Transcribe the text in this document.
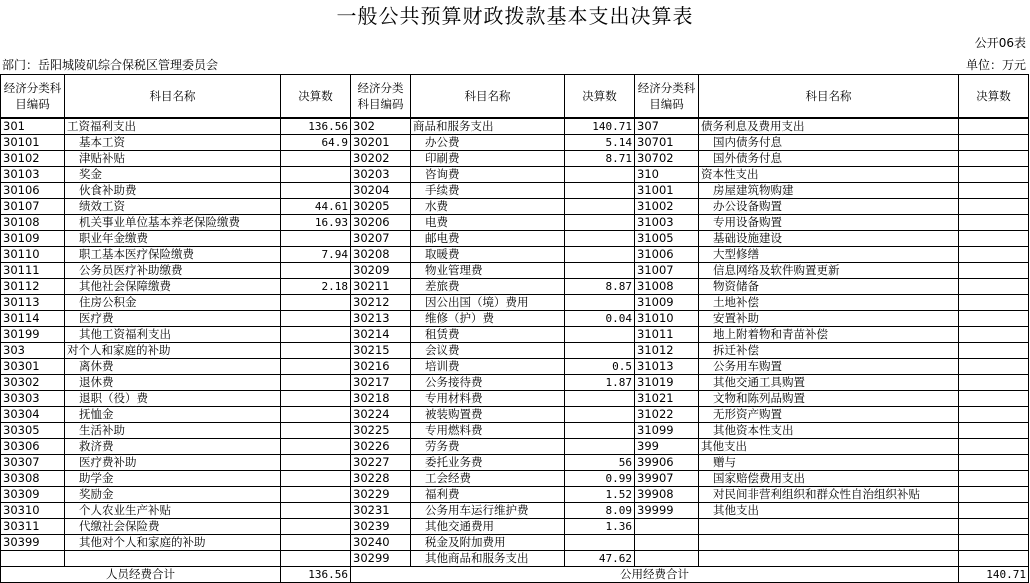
一般公共预算财政拨款基本支出决算表
公开06表
部门：岳阳城陵矶综合保税区管理委员会	单位：万元
经济分类科目编码	科目名称	决算数	经济分类科目编码	科目名称	决算数	经济分类科目编码	科目名称	决算数
301	工资福利支出	136.56	302	商品和服务支出	140.71	307	债务利息及费用支出	
30101	基本工资	64.9	30201	办公费	5.14	30701	国内债务付息	
30102	津贴补贴		30202	印刷费	8.71	30702	国外债务付息	
30103	奖金		30203	咨询费		310	资本性支出	
30106	伙食补助费		30204	手续费		31001	房屋建筑物购建	
30107	绩效工资	44.61	30205	水费		31002	办公设备购置	
30108	机关事业单位基本养老保险缴费	16.93	30206	电费		31003	专用设备购置	
30109	职业年金缴费		30207	邮电费		31005	基础设施建设	
30110	职工基本医疗保险缴费	7.94	30208	取暖费		31006	大型修缮	
30111	公务员医疗补助缴费		30209	物业管理费		31007	信息网络及软件购置更新	
30112	其他社会保障缴费	2.18	30211	差旅费	8.87	31008	物资储备	
30113	住房公积金		30212	因公出国（境）费用		31009	土地补偿	
30114	医疗费		30213	维修（护）费	0.04	31010	安置补助	
30199	其他工资福利支出		30214	租赁费		31011	地上附着物和青苗补偿	
303	对个人和家庭的补助		30215	会议费		31012	拆迁补偿	
30301	离休费		30216	培训费	0.5	31013	公务用车购置	
30302	退休费		30217	公务接待费	1.87	31019	其他交通工具购置	
30303	退职（役）费		30218	专用材料费		31021	文物和陈列品购置	
30304	抚恤金		30224	被装购置费		31022	无形资产购置	
30305	生活补助		30225	专用燃料费		31099	其他资本性支出	
30306	救济费		30226	劳务费		399	其他支出	
30307	医疗费补助		30227	委托业务费	56	39906	赠与	
30308	助学金		30228	工会经费	0.99	39907	国家赔偿费用支出	
30309	奖励金		30229	福利费	1.52	39908	对民间非营利组织和群众性自治组织补贴	
30310	个人农业生产补贴		30231	公务用车运行维护费	8.09	39999	其他支出	
30311	代缴社会保险费		30239	其他交通费用	1.36			
30399	其他对个人和家庭的补助		30240	税金及附加费用				
			30299	其他商品和服务支出	47.62			
人员经费合计		136.56	公用经费合计					140.71
